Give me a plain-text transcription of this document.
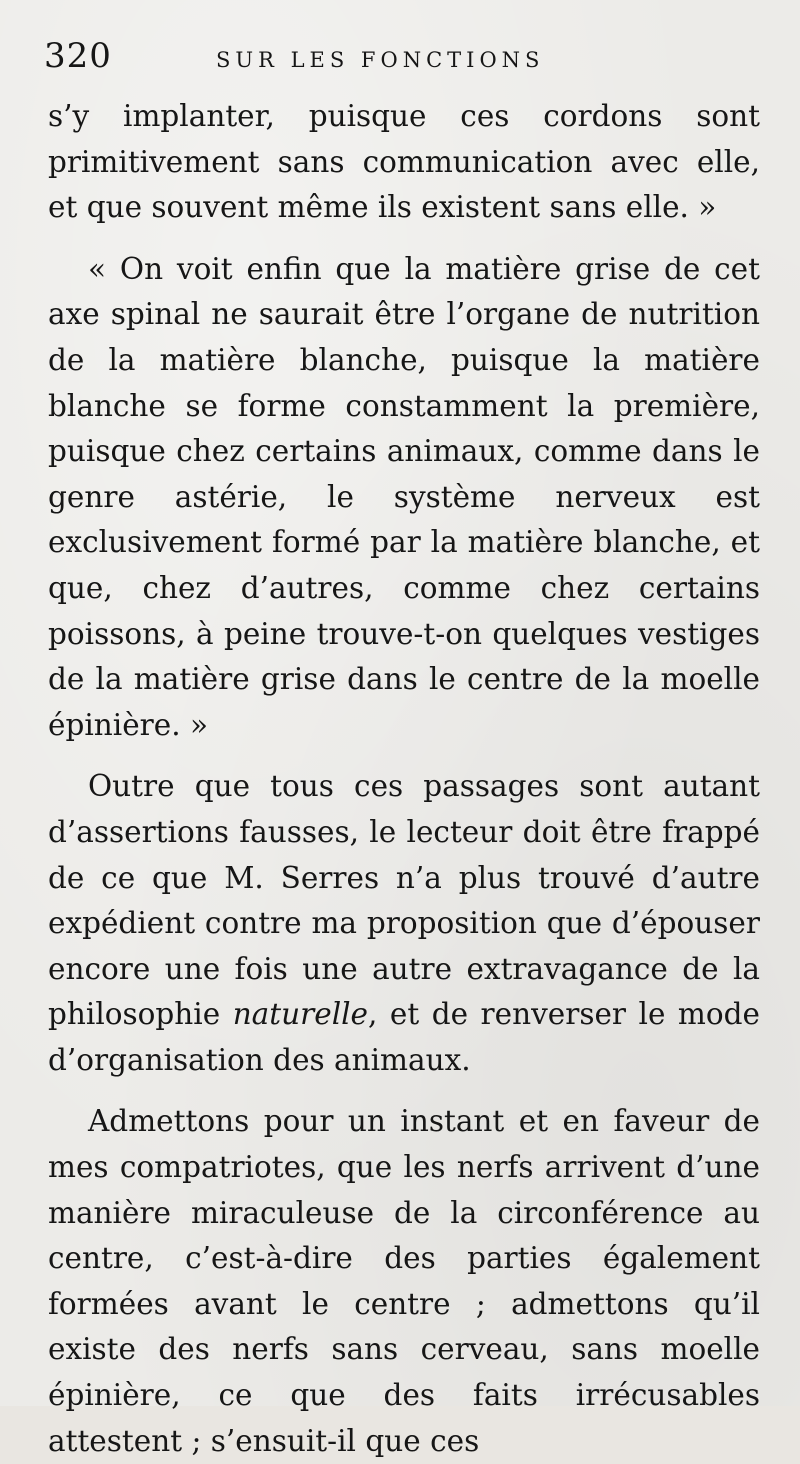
320	SUR LES FONCTIONS

s’y implanter, puisque ces cordons sont primitivement sans communication avec elle, et que souvent même ils existent sans elle. »

« On voit enfin que la matière grise de cet axe spinal ne saurait être l’organe de nutrition de la matière blanche, puisque la matière blanche se forme constamment la première, puisque chez certains animaux, comme dans le genre astérie, le système nerveux est exclusivement formé par la matière blanche, et que, chez d’autres, comme chez certains poissons, à peine trouve-t-on quelques vestiges de la matière grise dans le centre de la moelle épinière. »

Outre que tous ces passages sont autant d’assertions fausses, le lecteur doit être frappé de ce que M. Serres n’a plus trouvé d’autre expédient contre ma proposition que d’épouser encore une fois une autre extravagance de la philosophie naturelle, et de renverser le mode d’organisation des animaux.

Admettons pour un instant et en faveur de mes compatriotes, que les nerfs arrivent d’une manière miraculeuse de la circonférence au centre, c’est-à-dire des parties également formées avant le centre ; admettons qu’il existe des nerfs sans cerveau, sans moelle épinière, ce que des faits irrécusables attestent ; s’ensuit-il que ces
